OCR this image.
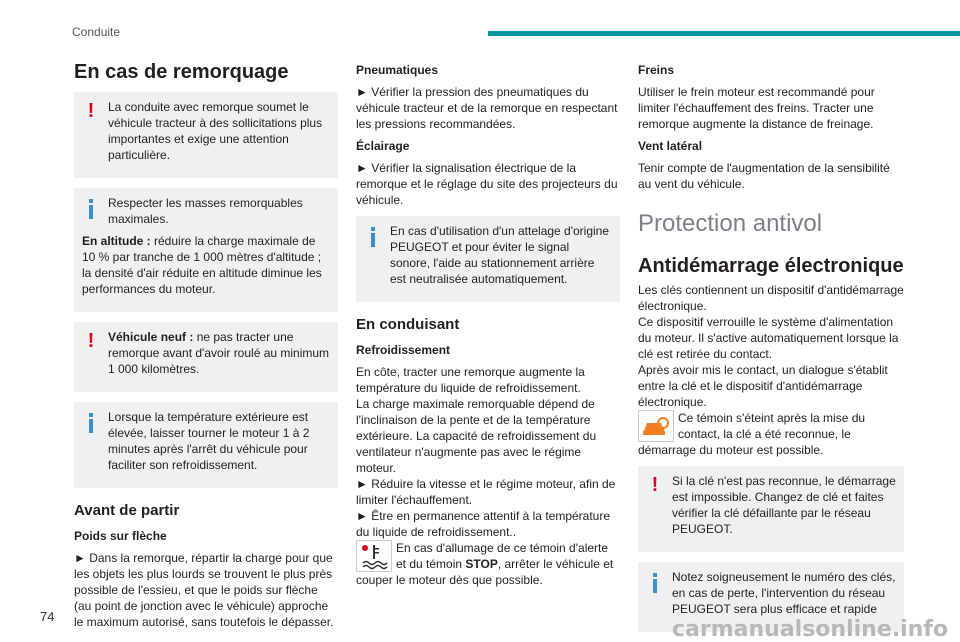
Conduite
En cas de remorquage
!	La conduite avec remorque soumet le véhicule tracteur à des sollicitations plus importantes et exige une attention particulière.

Respecter les masses remorquables maximales.

En altitude : réduire la charge maximale de 10 % par tranche de 1 000 mètres d'altitude ; la densité d'air réduite en altitude diminue les performances du moteur.

!	Véhicule neuf : ne pas tracter une remorque avant d'avoir roulé au minimum 1 000 kilomètres.

Lorsque la température extérieure est élevée, laisser tourner le moteur 1 à 2 minutes après l'arrêt du véhicule pour faciliter son refroidissement.

Avant de partir
Poids sur flèche

► Dans la remorque, répartir la charge pour que les objets les plus lourds se trouvent le plus près possible de l'essieu, et que le poids sur flèche (au point de jonction avec le véhicule) approche le maximum autorisé, sans toutefois le dépasser.

Pneumatiques

► Vérifier la pression des pneumatiques du véhicule tracteur et de la remorque en respectant les pressions recommandées.

Éclairage

► Vérifier la signalisation électrique de la remorque et le réglage du site des projecteurs du véhicule.

En cas d'utilisation d'un attelage d'origine PEUGEOT et pour éviter le signal sonore, l'aide au stationnement arrière est neutralisée automatiquement.

En conduisant
Refroidissement

En côte, tracter une remorque augmente la température du liquide de refroidissement.

La charge maximale remorquable dépend de l'inclinaison de la pente et de la température extérieure. La capacité de refroidissement du ventilateur n'augmente pas avec le régime moteur.

► Réduire la vitesse et le régime moteur, afin de limiter l'échauffement.

► Être en permanence attentif à la température du liquide de refroidissement..

En cas d'allumage de ce témoin d'alerte et du témoin STOP, arrêter le véhicule et couper le moteur dès que possible.
Freins

Utiliser le frein moteur est recommandé pour limiter l'échauffement des freins. Tracter une remorque augmente la distance de freinage.

Vent latéral

Tenir compte de l'augmentation de la sensibilité au vent du véhicule.

Protection antivol
Antidémarrage électronique

Les clés contiennent un dispositif d'antidémarrage électronique.

Ce dispositif verrouille le système d'alimentation du moteur. Il s'active automatiquement lorsque la clé est retirée du contact.

Après avoir mis le contact, un dialogue s'établit entre la clé et le dispositif d'antidémarrage électronique.

Ce témoin s'éteint après la mise du contact, la clé a été reconnue, le démarrage du moteur est possible.
!	Si la clé n'est pas reconnue, le démarrage est impossible. Changez de clé et faites vérifier la clé défaillante par le réseau PEUGEOT.

Notez soigneusement le numéro des clés, en cas de perte, l'intervention du réseau PEUGEOT sera plus efficace et rapide

74
carmanualsonline.info
